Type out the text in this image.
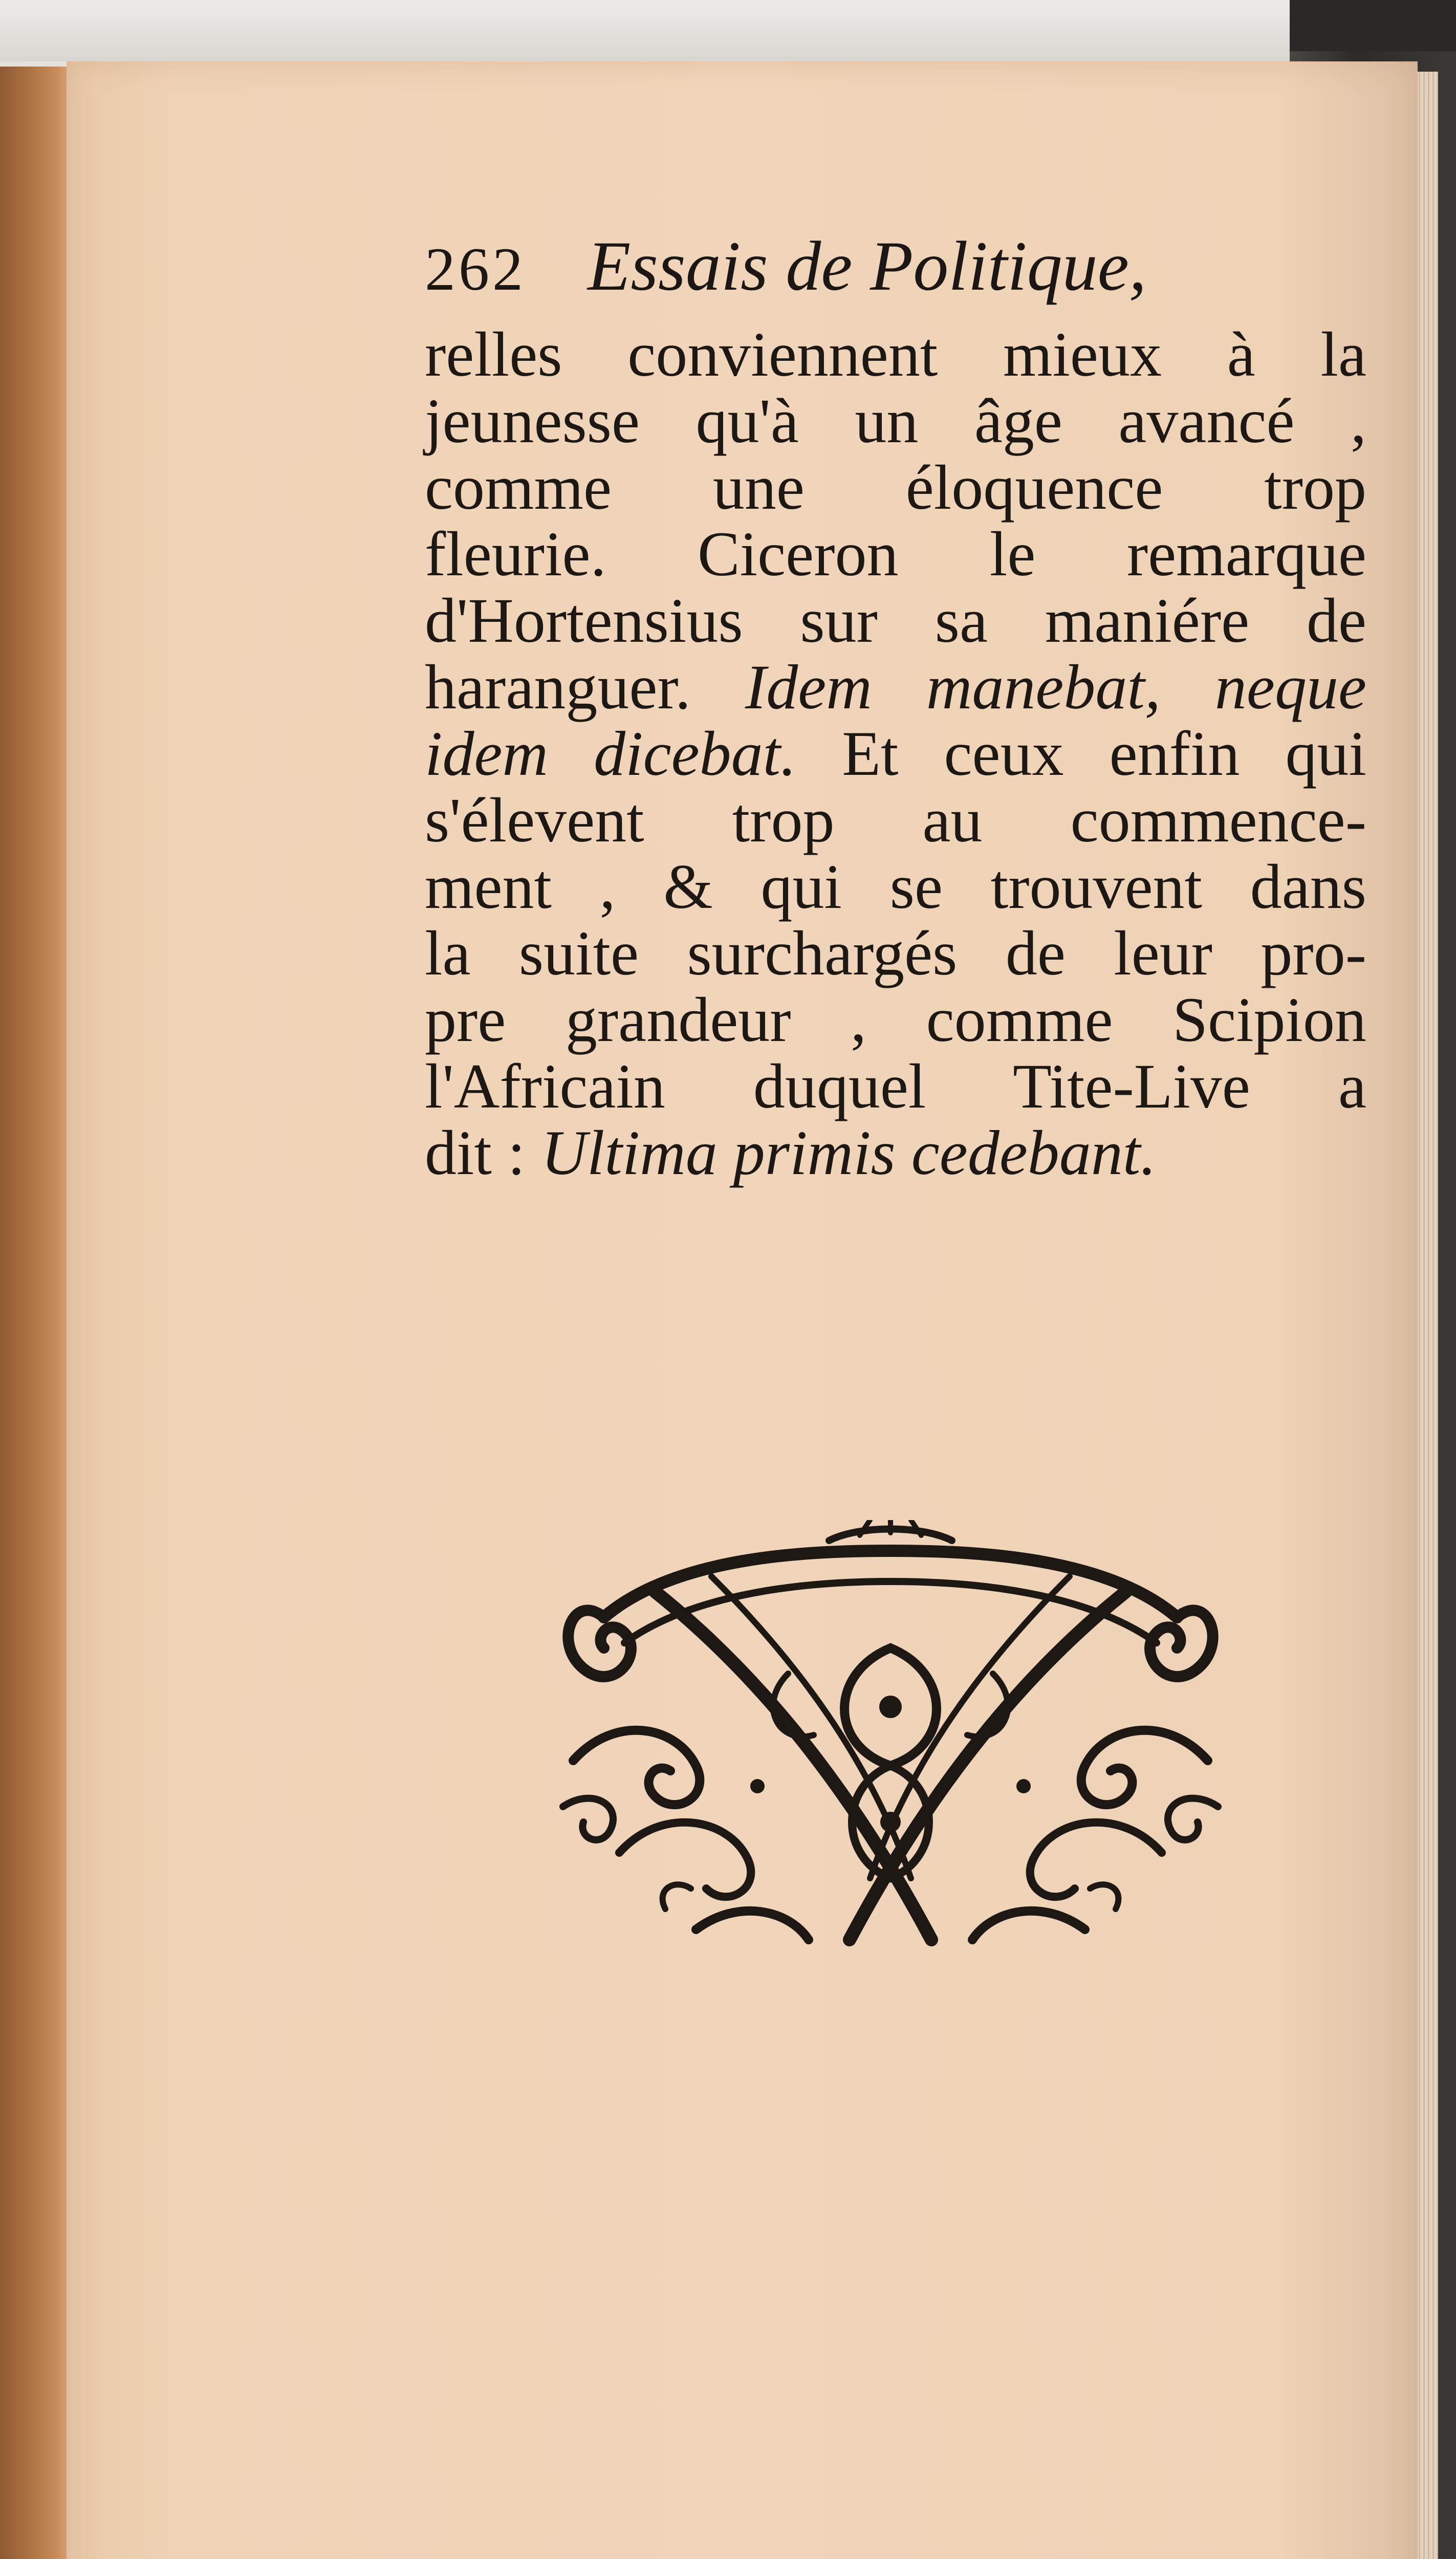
262 Essais de Politique,
relles conviennent mieux à la
jeunesse qu'à un âge avancé ,
comme une éloquence trop
fleurie. Ciceron le remarque
d'Hortensius sur sa maniére de
haranguer. Idem manebat, neque
idem dicebat. Et ceux enfin qui
s'élevent trop au commence-
ment , & qui se trouvent dans
la suite surchargés de leur pro-
pre grandeur , comme Scipion
l'Africain duquel Tite-Live a
dit : Ultima primis cedebant.
